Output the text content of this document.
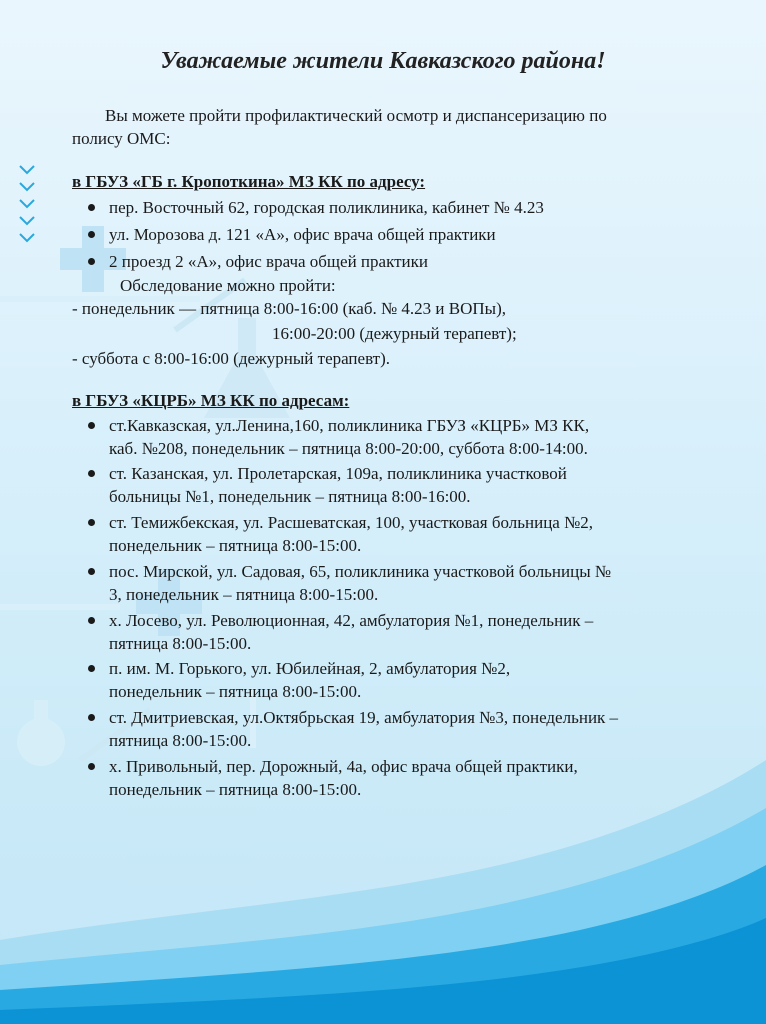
Уважаемые жители Кавказского района!

Вы можете пройти профилактический осмотр и диспансеризацию по

полису ОМС:

в ГБУЗ «ГБ г. Кропоткина» МЗ КК по адресу:

пер. Восточный 62, городская поликлиника, кабинет № 4.23
ул. Морозова д. 121 «А», офис врача общей практики
2 проезд 2 «А», офис врача общей практики

Обследование можно пройти:

- понедельник — пятница 8:00-16:00 (каб. № 4.23 и ВОПы),

16:00-20:00 (дежурный терапевт);

- суббота с 8:00-16:00 (дежурный терапевт).

в ГБУЗ «КЦРБ» МЗ КК по адресам:

ст.Кавказская, ул.Ленина,160, поликлиника ГБУЗ «КЦРБ» МЗ КК,
каб. №208, понедельник – пятница 8:00-20:00, суббота 8:00-14:00.
ст. Казанская, ул. Пролетарская, 109а, поликлиника участковой
больницы №1, понедельник – пятница 8:00-16:00.
ст. Темижбекская, ул. Расшеватская, 100, участковая больница №2,
понедельник – пятница 8:00-15:00.
пос. Мирской, ул. Садовая, 65, поликлиника участковой больницы №
3, понедельник – пятница 8:00-15:00.
х. Лосево, ул. Революционная, 42, амбулатория №1, понедельник –
пятница 8:00-15:00.
п. им. М. Горького, ул. Юбилейная, 2, амбулатория №2,
понедельник – пятница 8:00-15:00.
ст. Дмитриевская, ул.Октябрьская 19, амбулатория №3, понедельник –
пятница 8:00-15:00.
х. Привольный, пер. Дорожный, 4а, офис врача общей практики,
понедельник – пятница 8:00-15:00.
